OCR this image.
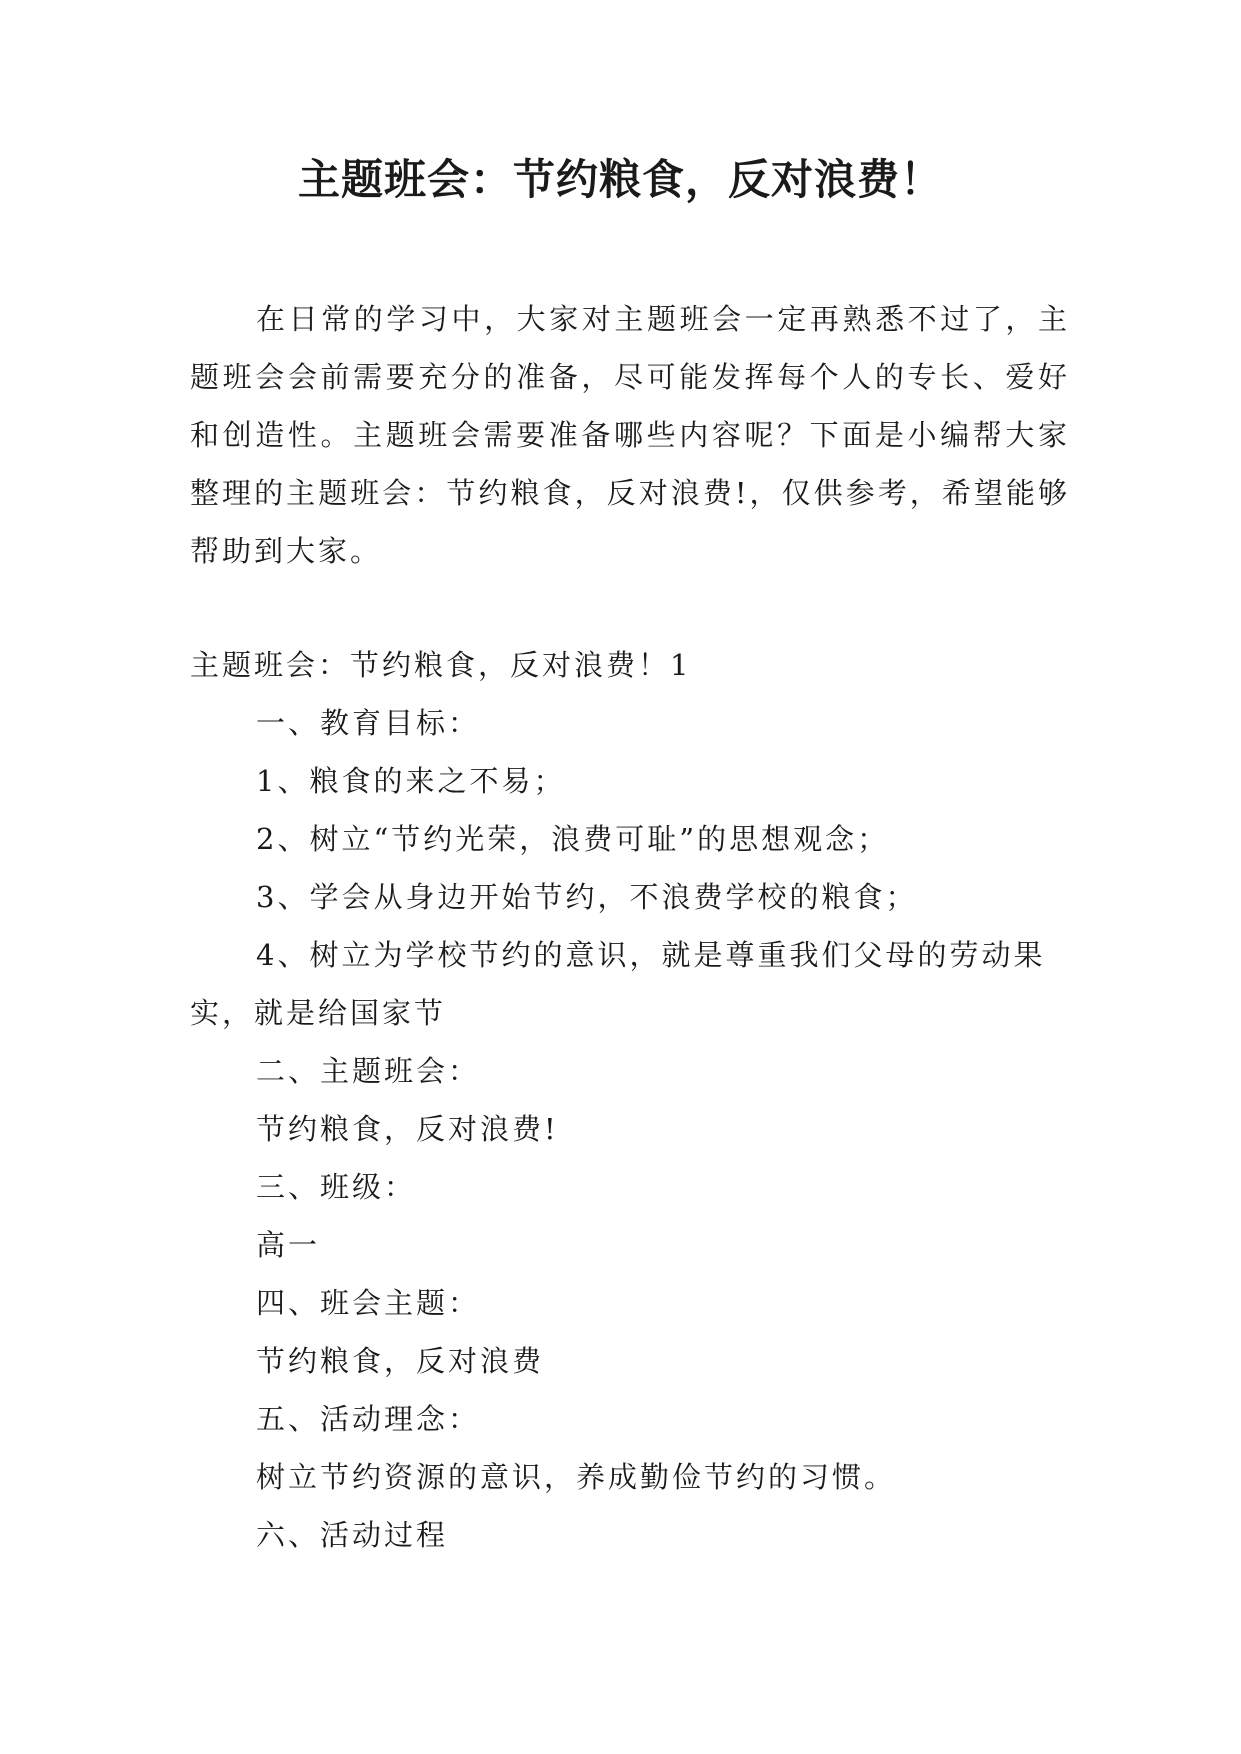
主题班会：节约粮食，反对浪费！

在日常的学习中，大家对主题班会一定再熟悉不过了，主题班会会前需要充分的准备，尽可能发挥每个人的专长、爱好和创造性。主题班会需要准备哪些内容呢？下面是小编帮大家整理的主题班会：节约粮食，反对浪费!，仅供参考，希望能够帮助到大家。

主题班会：节约粮食，反对浪费！1
一、教育目标：
1、粮食的来之不易；
2、树立“节约光荣，浪费可耻”的思想观念；
3、学会从身边开始节约，不浪费学校的粮食；
4、树立为学校节约的意识，就是尊重我们父母的劳动果实，就是给国家节
二、主题班会：
节约粮食，反对浪费!
三、班级：
高一
四、班会主题：
节约粮食，反对浪费
五、活动理念：
树立节约资源的意识，养成勤俭节约的习惯。
六、活动过程
